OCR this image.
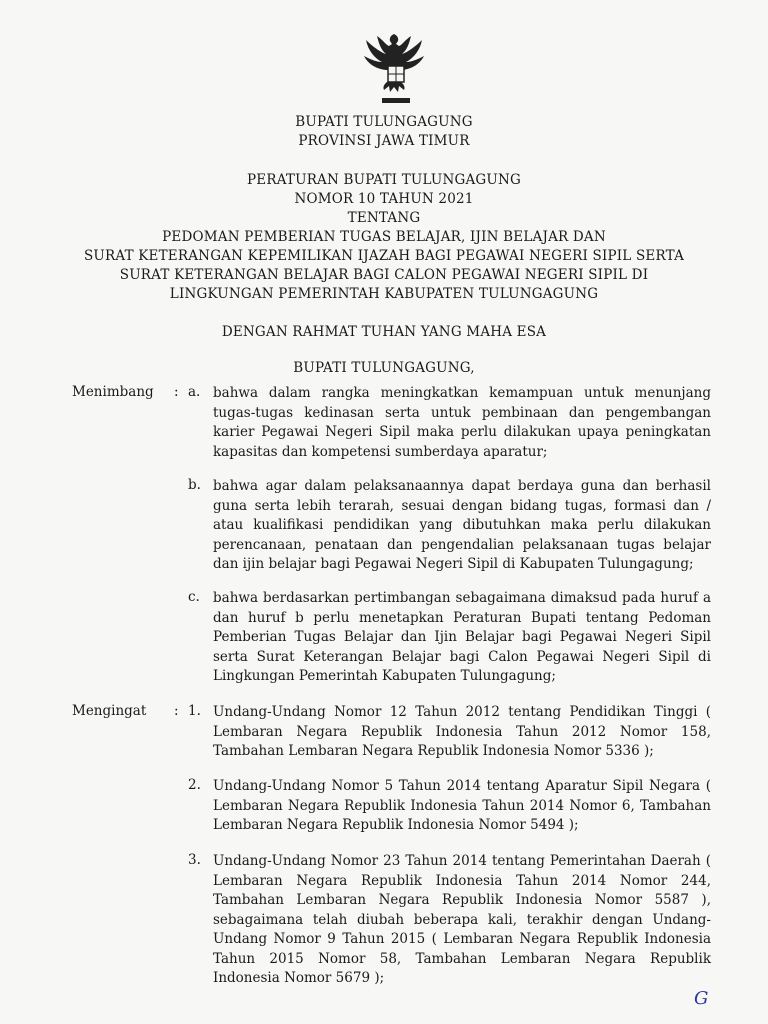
BUPATI TULUNGAGUNG
PROVINSI JAWA TIMUR
PERATURAN BUPATI TULUNGAGUNG
NOMOR 10 TAHUN 2021
TENTANG
PEDOMAN PEMBERIAN TUGAS BELAJAR, IJIN BELAJAR DAN
SURAT KETERANGAN KEPEMILIKAN IJAZAH BAGI PEGAWAI NEGERI SIPIL SERTA
SURAT KETERANGAN BELAJAR BAGI CALON PEGAWAI NEGERI SIPIL DI
LINGKUNGAN PEMERINTAH KABUPATEN TULUNGAGUNG
DENGAN RAHMAT TUHAN YANG MAHA ESA
BUPATI TULUNGAGUNG,
Menimbang : a. bahwa dalam rangka meningkatkan kemampuan untuk menunjang tugas-tugas kedinasan serta untuk pembinaan dan pengembangan karier Pegawai Negeri Sipil maka perlu dilakukan upaya peningkatan kapasitas dan kompetensi sumberdaya aparatur;
b. bahwa agar dalam pelaksanaannya dapat berdaya guna dan berhasil guna serta lebih terarah, sesuai dengan bidang tugas, formasi dan / atau kualifikasi pendidikan yang dibutuhkan maka perlu dilakukan perencanaan, penataan dan pengendalian pelaksanaan tugas belajar dan ijin belajar bagi Pegawai Negeri Sipil di Kabupaten Tulungagung;
c. bahwa berdasarkan pertimbangan sebagaimana dimaksud pada huruf a dan huruf b perlu menetapkan Peraturan Bupati tentang Pedoman Pemberian Tugas Belajar dan Ijin Belajar bagi Pegawai Negeri Sipil serta Surat Keterangan Belajar bagi Calon Pegawai Negeri Sipil di Lingkungan Pemerintah Kabupaten Tulungagung;
Mengingat : 1. Undang-Undang Nomor 12 Tahun 2012 tentang Pendidikan Tinggi ( Lembaran Negara Republik Indonesia Tahun 2012 Nomor 158, Tambahan Lembaran Negara Republik Indonesia Nomor 5336 );
2. Undang-Undang Nomor 5 Tahun 2014 tentang Aparatur Sipil Negara ( Lembaran Negara Republik Indonesia Tahun 2014 Nomor 6, Tambahan Lembaran Negara Republik Indonesia Nomor 5494 );
3. Undang-Undang Nomor 23 Tahun 2014 tentang Pemerintahan Daerah ( Lembaran Negara Republik Indonesia Tahun 2014 Nomor 244, Tambahan Lembaran Negara Republik Indonesia Nomor 5587 ), sebagaimana telah diubah beberapa kali, terakhir dengan Undang-Undang Nomor 9 Tahun 2015 ( Lembaran Negara Republik Indonesia Tahun 2015 Nomor 58, Tambahan Lembaran Negara Republik Indonesia Nomor 5679 );
G
